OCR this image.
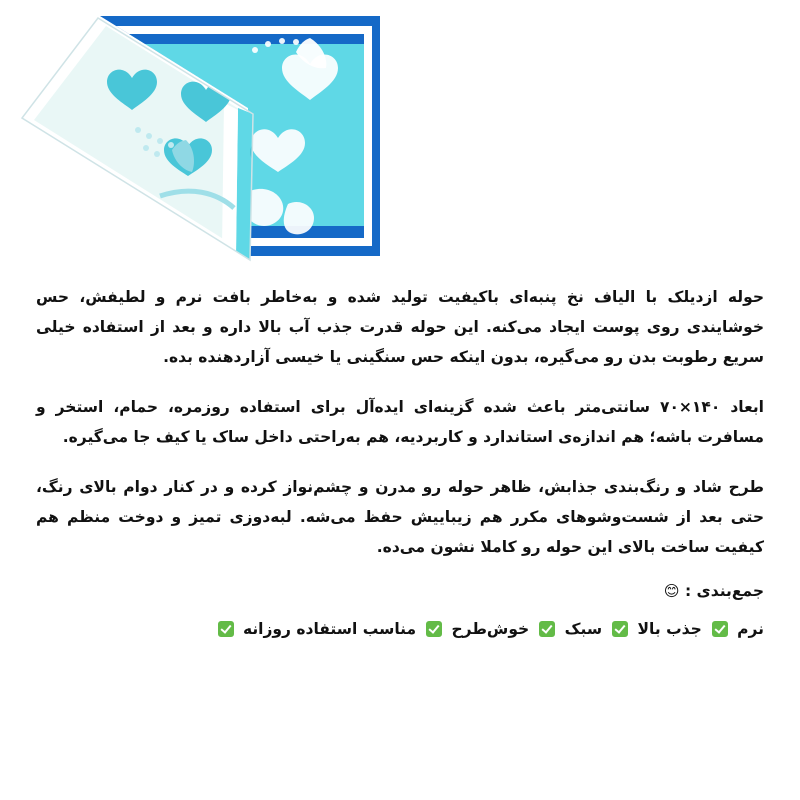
حوله ازدیلک با الیاف نخ پنبه‌ای باکیفیت تولید شده و به‌خاطر بافت نرم و لطیفش، حس خوشایندی روی پوست ایجاد می‌کنه. این حوله قدرت جذب آب بالا داره و بعد از استفاده خیلی سریع رطوبت بدن رو می‌گیره، بدون اینکه حس سنگینی یا خیسی آزاردهنده بده.

ابعاد ۱۴۰×۷۰ سانتی‌متر باعث شده گزینه‌ای ایده‌آل برای استفاده روزمره، حمام، استخر و مسافرت باشه؛ هم اندازه‌ی استاندارد و کاربردیه، هم به‌راحتی داخل ساک یا کیف جا می‌گیره.

طرح شاد و رنگ‌بندی جذابش، ظاهر حوله رو مدرن و چشم‌نواز کرده و در کنار دوام بالای رنگ، حتی بعد از شست‌وشوهای مکرر هم زیباییش حفظ می‌شه. لبه‌دوزی تمیز و دوخت منظم هم کیفیت ساخت بالای این حوله رو کاملا نشون می‌ده.

جمع‌بندی : 😊
نرم
جذب بالا
سبک
خوش‌طرح
مناسب استفاده روزانه
